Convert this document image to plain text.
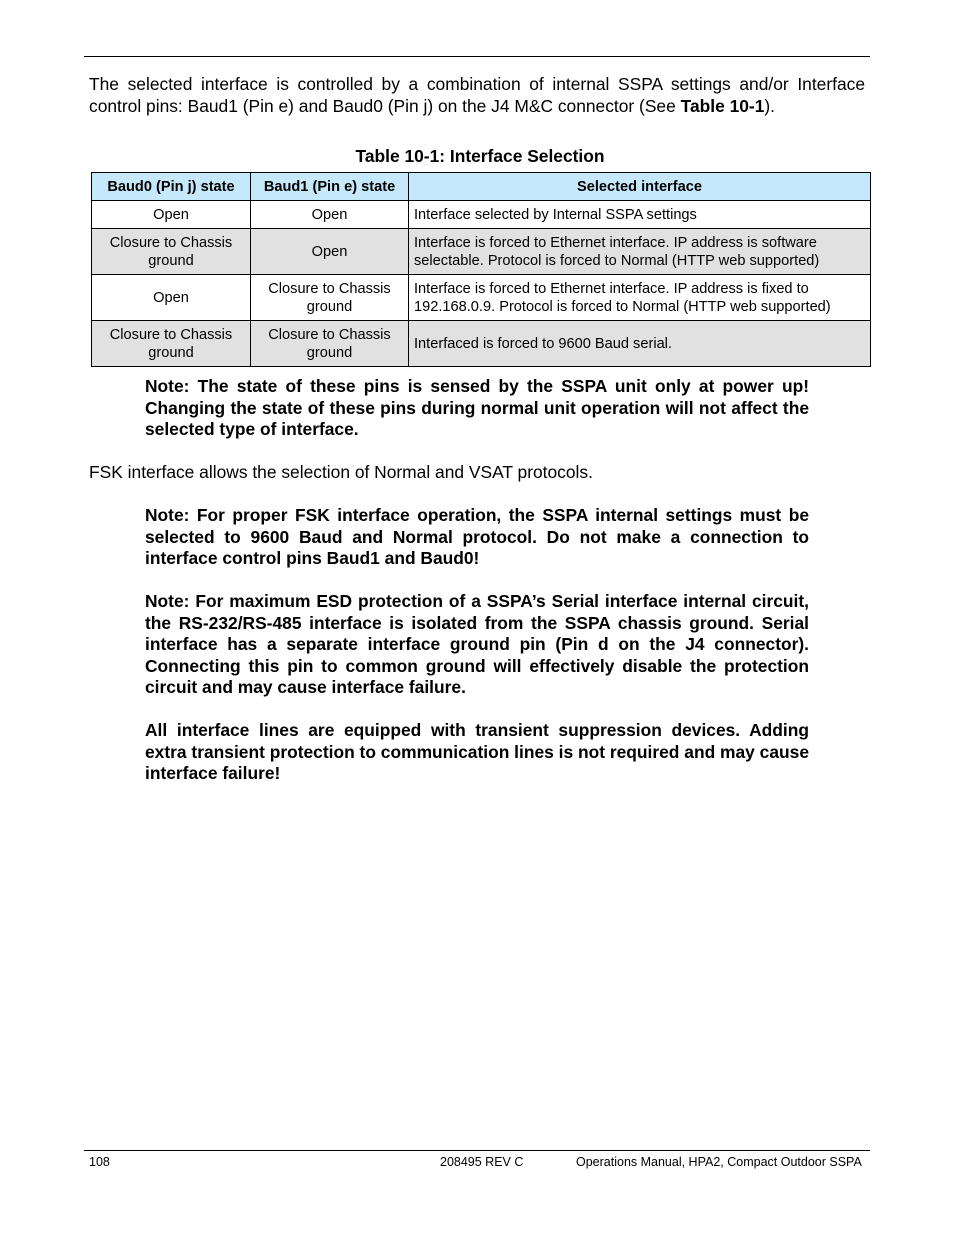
The selected interface is controlled by a combination of internal SSPA settings and/or Interface control pins: Baud1 (Pin e) and Baud0 (Pin j) on the J4 M&C connector (See Table 10-1).

Table 10-1: Interface Selection
Baud0 (Pin j) state	Baud1 (Pin e) state	Selected interface
Open	Open	Interface selected by Internal SSPA settings
Closure to Chassis ground	Open	Interface is forced to Ethernet interface. IP address is software selectable. Protocol is forced to Normal (HTTP web supported)
Open	Closure to Chassis ground	Interface is forced to Ethernet interface. IP address is fixed to 192.168.0.9. Protocol is forced to Normal (HTTP web supported)
Closure to Chassis ground	Closure to Chassis ground	Interfaced is forced to 9600 Baud serial.
Note: The state of these pins is sensed by the SSPA unit only at power up! Changing the state of these pins during normal unit operation will not affect the selected type of interface.
FSK interface allows the selection of Normal and VSAT protocols.
Note: For proper FSK interface operation, the SSPA internal settings must be selected to 9600 Baud and Normal protocol. Do not make a connection to interface control pins Baud1 and Baud0!
Note: For maximum ESD protection of a SSPA’s Serial interface internal circuit, the RS-232/RS-485 interface is isolated from the SSPA chassis ground. Serial interface has a separate interface ground pin (Pin d on the J4 connector). Connecting this pin to common ground will effectively disable the protection circuit and may cause interface failure.
All interface lines are equipped with transient suppression devices. Adding extra transient protection to communication lines is not required and may cause interface failure!
108	208495 REV C	Operations Manual, HPA2, Compact Outdoor SSPA
